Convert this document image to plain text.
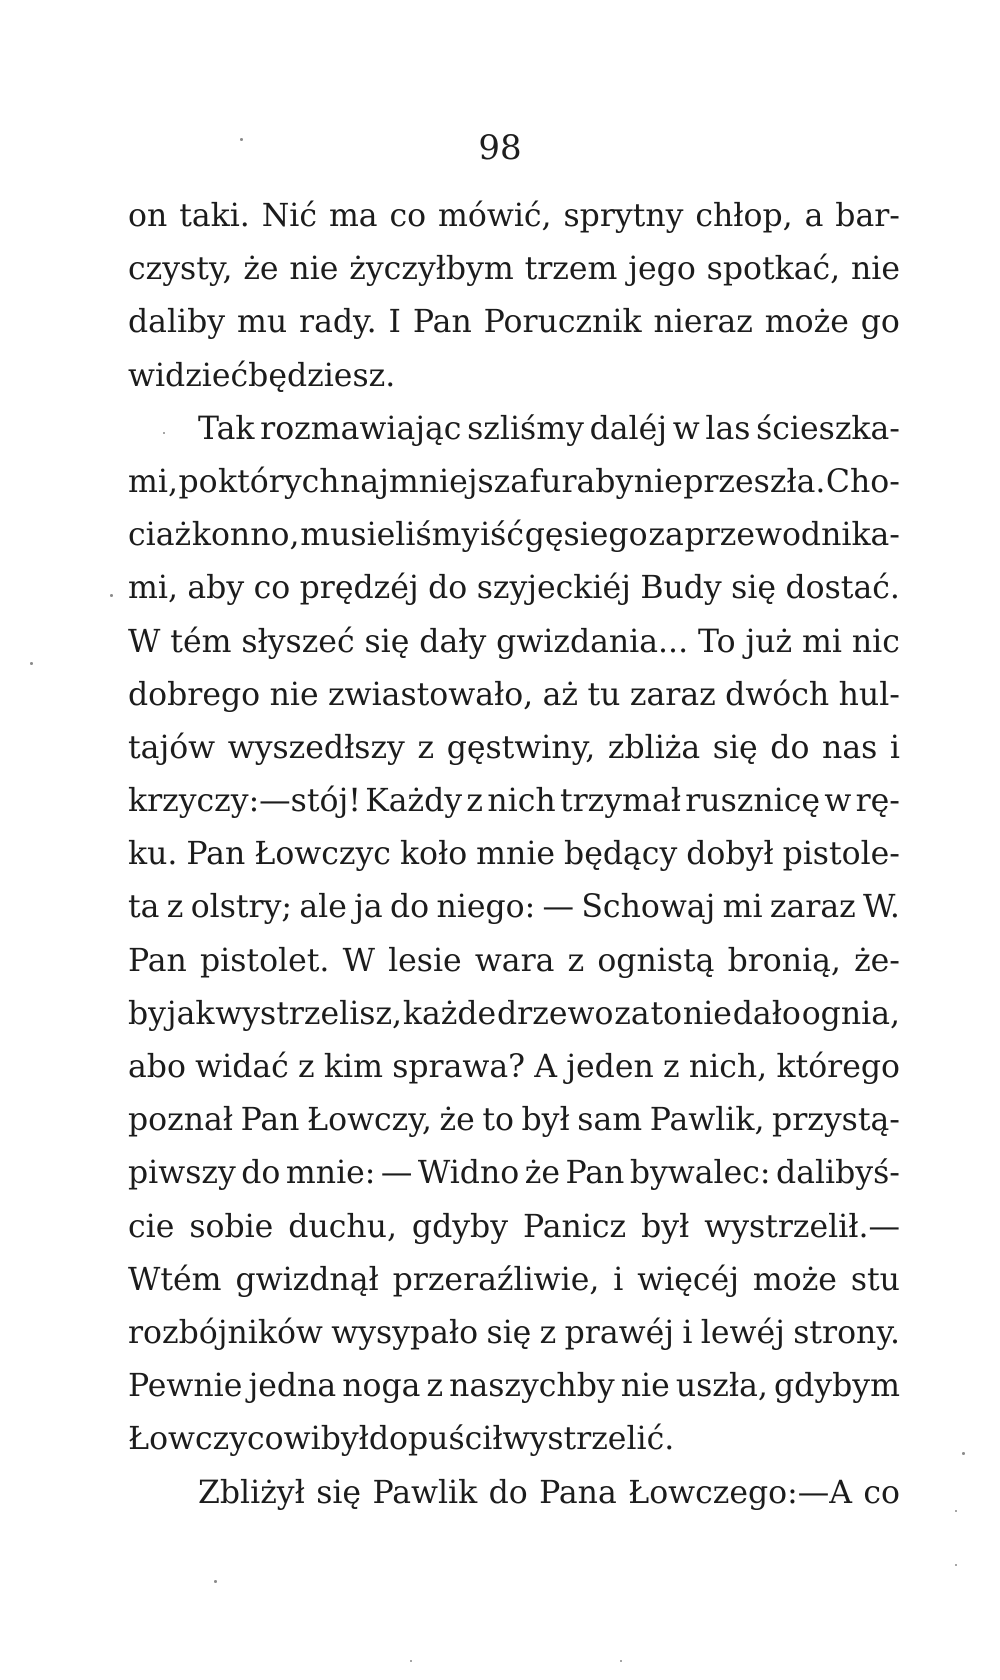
98
on taki. Nić ma co mówić, sprytny chłop, a bar-
czysty, że nie życzyłbym trzem jego spotkać, nie
daliby mu rady. I Pan Porucznik nieraz może go
widzieć będziesz.
Tak rozmawiając szliśmy daléj w las ścieszka-
mi, po których najmniejsza furaby nie przeszła. Cho-
ciaż konno, musieliśmy iść gęsiego za przewodnika-
mi, aby co prędzéj do szyjeckiéj Budy się dostać.
W tém słyszeć się dały gwizdania... To już mi nic
dobrego nie zwiastowało, aż tu zaraz dwóch hul-
tajów wyszedłszy z gęstwiny, zbliża się do nas i
krzyczy:—stój! Każdy z nich trzymał rusznicę w rę-
ku. Pan Łowczyc koło mnie będący dobył pistole-
ta z olstry; ale ja do niego: — Schowaj mi zaraz W.
Pan pistolet. W lesie wara z ognistą bronią, że-
by jak wystrzelisz, każde drzewo za to nie dało ognia,
abo widać z kim sprawa? A jeden z nich, którego
poznał Pan Łowczy, że to był sam Pawlik, przystą-
piwszy do mnie: — Widno że Pan bywalec: dalibyś-
cie sobie duchu, gdyby Panicz był wystrzelił.—
Wtém gwizdnął przeraźliwie, i więcéj może stu
rozbójników wysypało się z prawéj i lewéj strony.
Pewnie jedna noga z naszychby nie uszła, gdybym
Łowczycowi był dopuścił wystrzelić.
Zbliżył się Pawlik do Pana Łowczego:—A co
